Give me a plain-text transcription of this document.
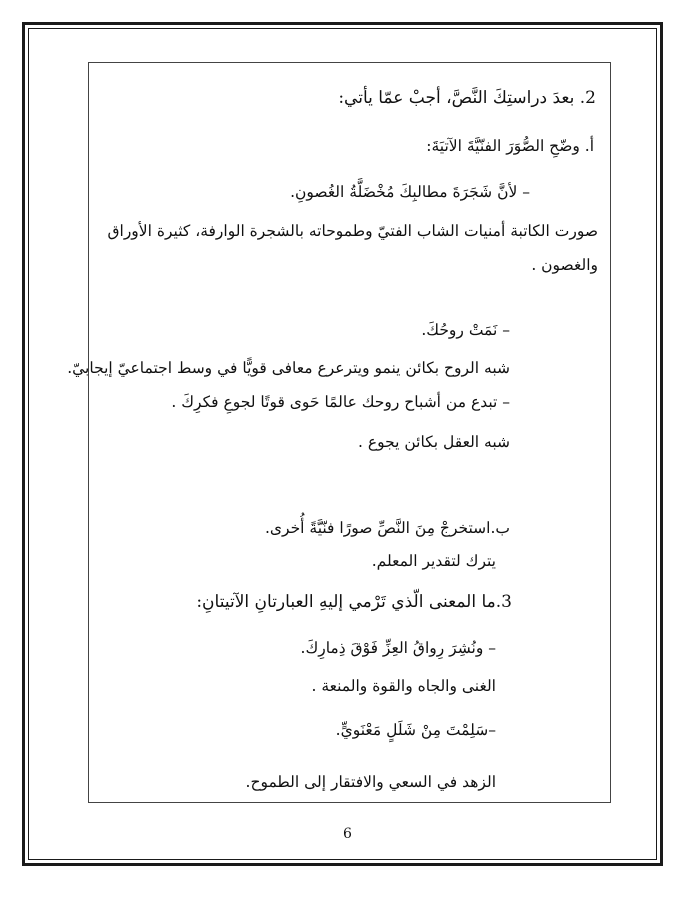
2. بعدَ دراستِكَ النَّصَّ، أجبْ عمّا يأتي:

أ. وضّحِ الصُّوَرَ الفنّيَّةَ الآتيَةَ:

– لأنَّ شَجَرَةَ مطالبِكَ مُخْضَلَّةُ الغُصونِ.

صورت الكاتبة أمنيات الشاب الفتيّ وطموحاته بالشجرة الوارفة، كثيرة الأوراق

والغصون .

– نَمَتْ روحُكَ.

شبه الروح بكائن ينمو ويترعرع معافى قويًّا في وسط اجتماعيّ إيجابيّ.

– تبدع من أشباح روحك عالمًا حَوى قوتًا لجوعِ فكرِكَ .

شبه العقل بكائن يجوع .

ب.استخرجْ مِنَ النَّصِّ صورًا فنّيَّةً أُخرى.

يترك لتقدير المعلم.

3.ما المعنى الّذي تَرْمي إليهِ العبارتانِ الآتيتانِ:

– ونُشِرَ رِواقُ العِزِّ فَوْقَ ذِمارِكَ.

الغنى والجاه والقوة والمنعة .

–سَلِمْتَ مِنْ شَلَلٍ مَعْنَويٍّ.

الزهد في السعي والافتقار إلى الطموح.

6
